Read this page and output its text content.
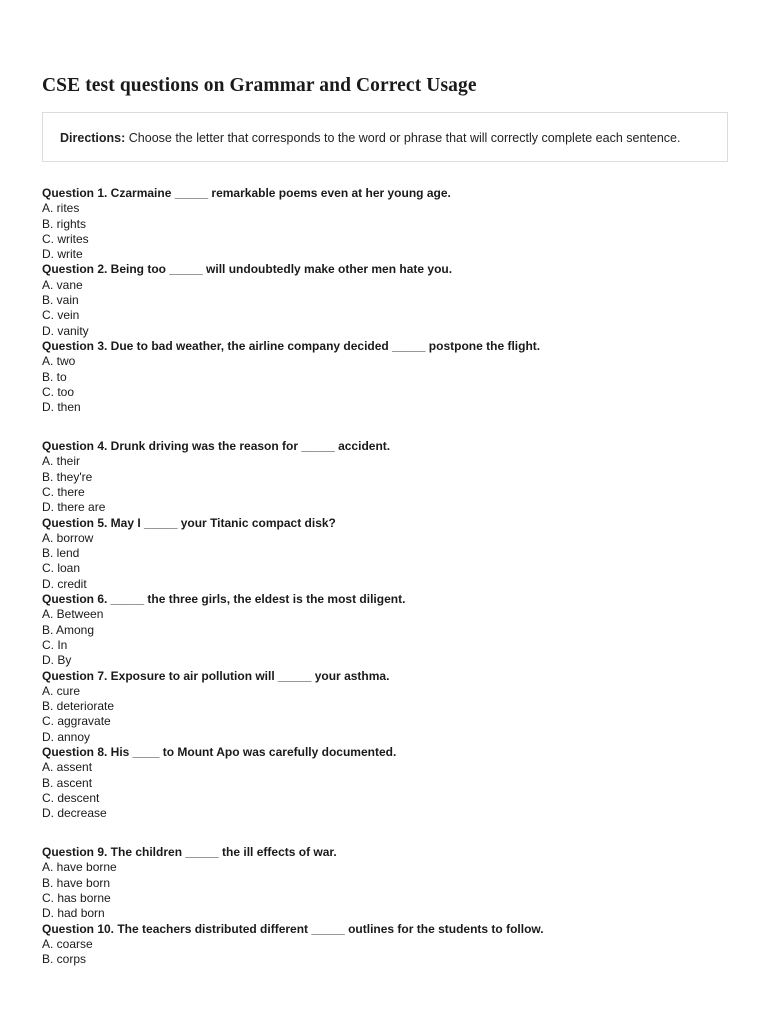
CSE test questions on Grammar and Correct Usage
Directions: Choose the letter that corresponds to the word or phrase that will correctly complete each sentence.
Question 1. Czarmaine _____ remarkable poems even at her young age.
A. rites
B. rights
C. writes
D. write
Question 2. Being too _____ will undoubtedly make other men hate you.
A. vane
B. vain
C. vein
D. vanity
Question 3. Due to bad weather, the airline company decided _____ postpone the flight.
A. two
B. to
C. too
D. then
Question 4. Drunk driving was the reason for _____ accident.
A. their
B. they're
C. there
D. there are
Question 5. May I _____ your Titanic compact disk?
A. borrow
B. lend
C. loan
D. credit
Question 6. _____ the three girls, the eldest is the most diligent.
A. Between
B. Among
C. In
D. By
Question 7. Exposure to air pollution will _____ your asthma.
A. cure
B. deteriorate
C. aggravate
D. annoy
Question 8. His ____ to Mount Apo was carefully documented.
A. assent
B. ascent
C. descent
D. decrease
Question 9. The children _____ the ill effects of war.
A. have borne
B. have born
C. has borne
D. had born
Question 10. The teachers distributed different _____ outlines for the students to follow.
A. coarse
B. corps
